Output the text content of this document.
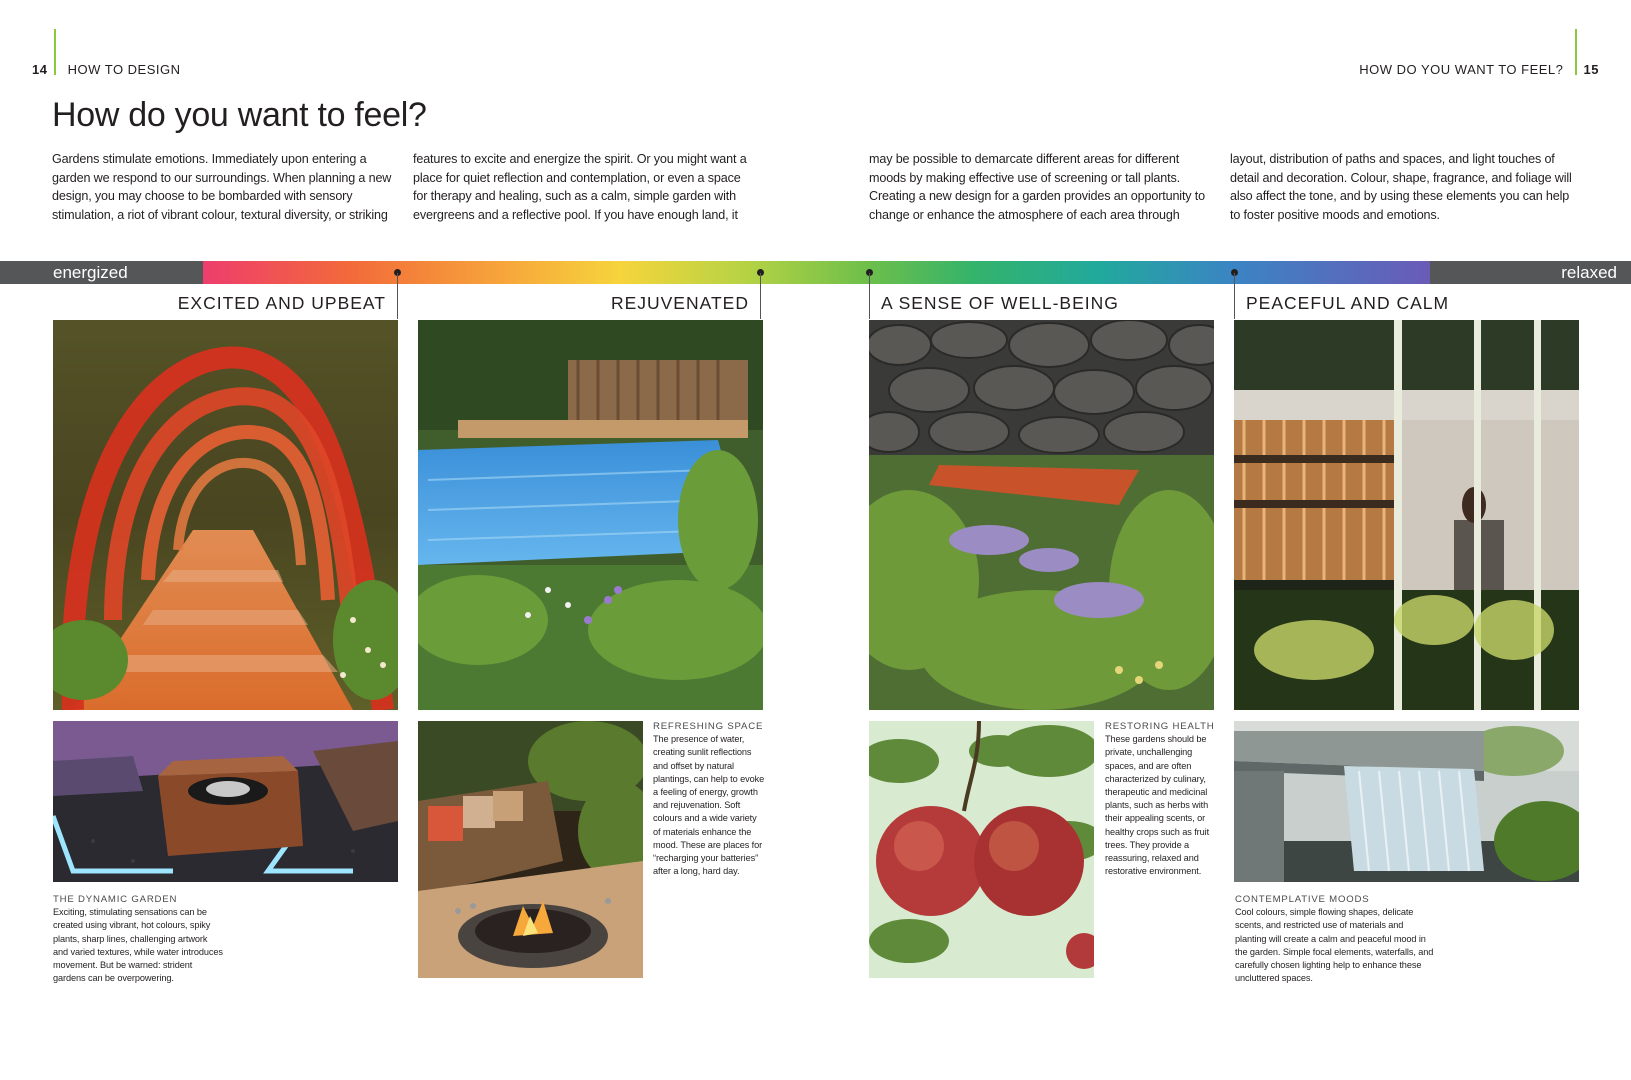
14 HOW TO DESIGN	HOW DO YOU WANT TO FEEL? 15
How do you want to feel?

Gardens stimulate emotions. Immediately upon entering a garden we respond to our surroundings. When planning a new design, you may choose to be bombarded with sensory stimulation, a riot of vibrant colour, textural diversity, or striking

features to excite and energize the spirit. Or you might want a place for quiet reflection and contemplation, or even a space for therapy and healing, such as a calm, simple garden with evergreens and a reflective pool. If you have enough land, it

may be possible to demarcate different areas for different moods by making effective use of screening or tall plants. Creating a new design for a garden provides an opportunity to change or enhance the atmosphere of each area through

layout, distribution of paths and spaces, and light touches of detail and decoration. Colour, shape, fragrance, and foliage will also affect the tone, and by using these elements you can help to foster positive moods and emotions.

energized	relaxed
EXCITED AND UPBEAT	REJUVENATED	A SENSE OF WELL-BEING	PEACEFUL AND CALM
THE DYNAMIC GARDEN
Exciting, stimulating sensations can be created using vibrant, hot colours, spiky plants, sharp lines, challenging artwork and varied textures, while water introduces movement. But be warned: strident gardens can be overpowering.
REFRESHING SPACE
The presence of water, creating sunlit reflections and offset by natural plantings, can help to evoke a feeling of energy, growth and rejuvenation. Soft colours and a wide variety of materials enhance the mood. These are places for “recharging your batteries” after a long, hard day.
RESTORING HEALTH
These gardens should be private, unchallenging spaces, and are often characterized by culinary, therapeutic and medicinal plants, such as herbs with their appealing scents, or healthy crops such as fruit trees. They provide a reassuring, relaxed and restorative environment.
CONTEMPLATIVE MOODS
Cool colours, simple flowing shapes, delicate scents, and restricted use of materials and planting will create a calm and peaceful mood in the garden. Simple focal elements, waterfalls, and carefully chosen lighting help to enhance these uncluttered spaces.
